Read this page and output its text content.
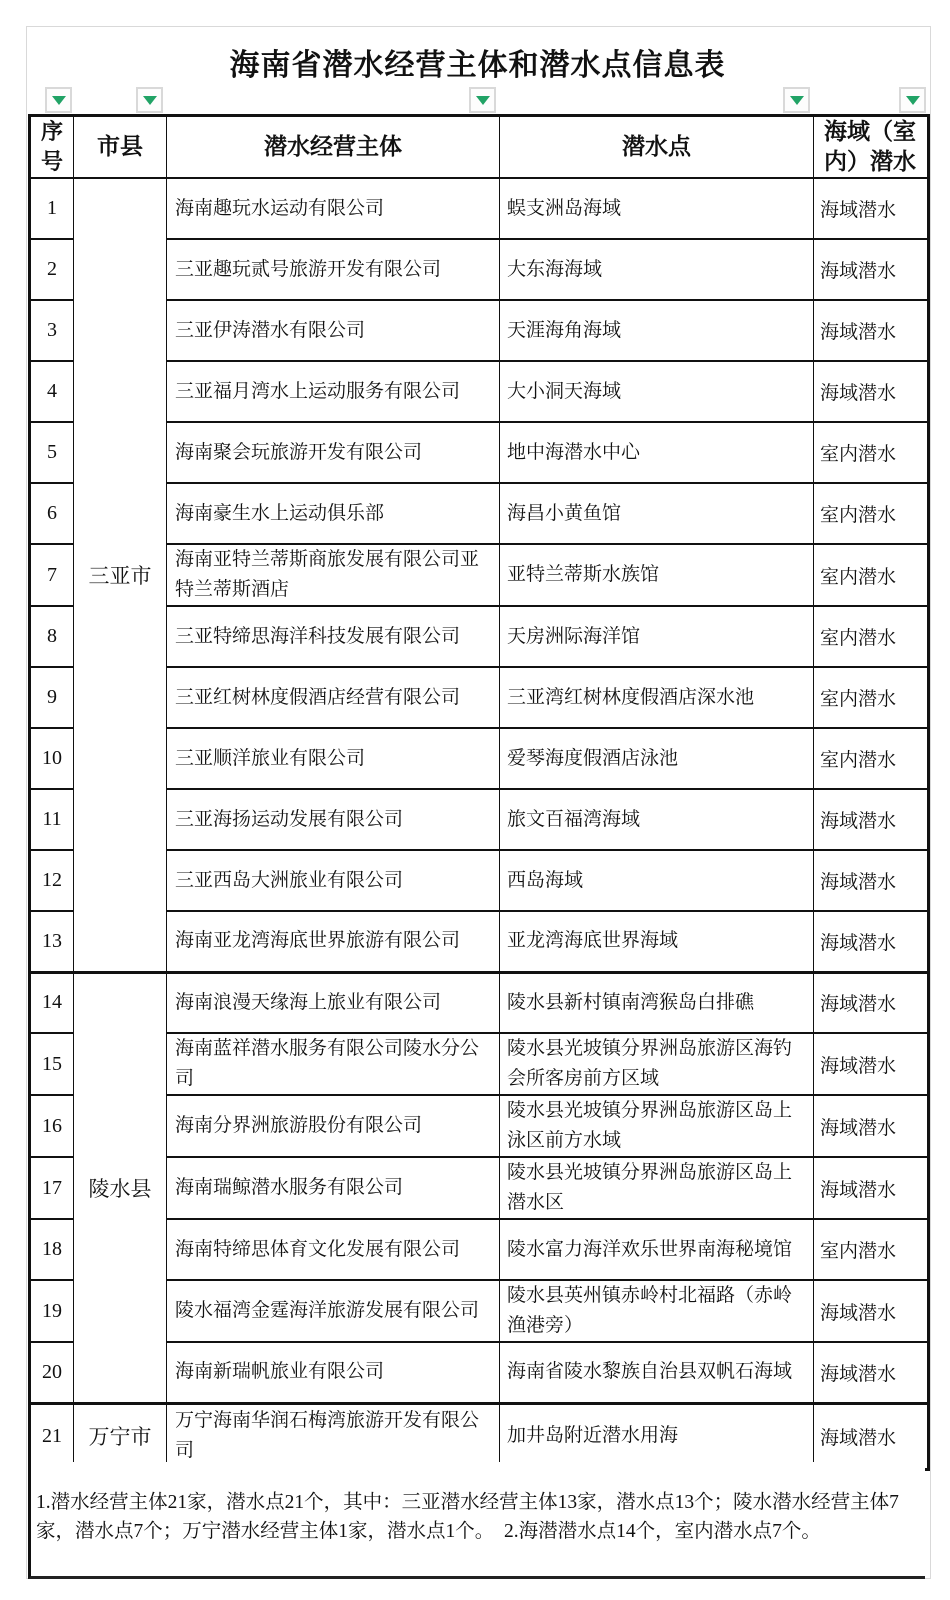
海南省潜水经营主体和潜水点信息表
序号	市县	潜水经营主体	潜水点	海域（室内）潜水
1	三亚市	海南趣玩水运动有限公司	蜈支洲岛海域	海域潜水
2		三亚趣玩贰号旅游开发有限公司	大东海海域	海域潜水
3		三亚伊涛潜水有限公司	天涯海角海域	海域潜水
4		三亚福月湾水上运动服务有限公司	大小洞天海域	海域潜水
5		海南聚会玩旅游开发有限公司	地中海潜水中心	室内潜水
6		海南豪生水上运动俱乐部	海昌小黄鱼馆	室内潜水
7		海南亚特兰蒂斯商旅发展有限公司亚特兰蒂斯酒店	亚特兰蒂斯水族馆	室内潜水
8		三亚特缔思海洋科技发展有限公司	天房洲际海洋馆	室内潜水
9		三亚红树林度假酒店经营有限公司	三亚湾红树林度假酒店深水池	室内潜水
10		三亚顺洋旅业有限公司	爱琴海度假酒店泳池	室内潜水
11		三亚海扬运动发展有限公司	旅文百福湾海域	海域潜水
12		三亚西岛大洲旅业有限公司	西岛海域	海域潜水
13		海南亚龙湾海底世界旅游有限公司	亚龙湾海底世界海域	海域潜水
14	陵水县	海南浪漫天缘海上旅业有限公司	陵水县新村镇南湾猴岛白排礁	海域潜水
15		海南蓝祥潜水服务有限公司陵水分公司	陵水县光坡镇分界洲岛旅游区海钓会所客房前方区域	海域潜水
16		海南分界洲旅游股份有限公司	陵水县光坡镇分界洲岛旅游区岛上泳区前方水域	海域潜水
17		海南瑞鲸潜水服务有限公司	陵水县光坡镇分界洲岛旅游区岛上潜水区	海域潜水
18		海南特缔思体育文化发展有限公司	陵水富力海洋欢乐世界南海秘境馆	室内潜水
19		陵水福湾金霆海洋旅游发展有限公司	陵水县英州镇赤岭村北福路（赤岭渔港旁）	海域潜水
20		海南新瑞帆旅业有限公司	海南省陵水黎族自治县双帆石海域	海域潜水
21	万宁市	万宁海南华润石梅湾旅游开发有限公司	加井岛附近潜水用海	海域潜水
1.潜水经营主体21家，潜水点21个，其中：三亚潜水经营主体13家，潜水点13个；陵水潜水经营主体7家，潜水点7个；万宁潜水经营主体1家，潜水点1个。　2.海潜潜水点14个，室内潜水点7个。
